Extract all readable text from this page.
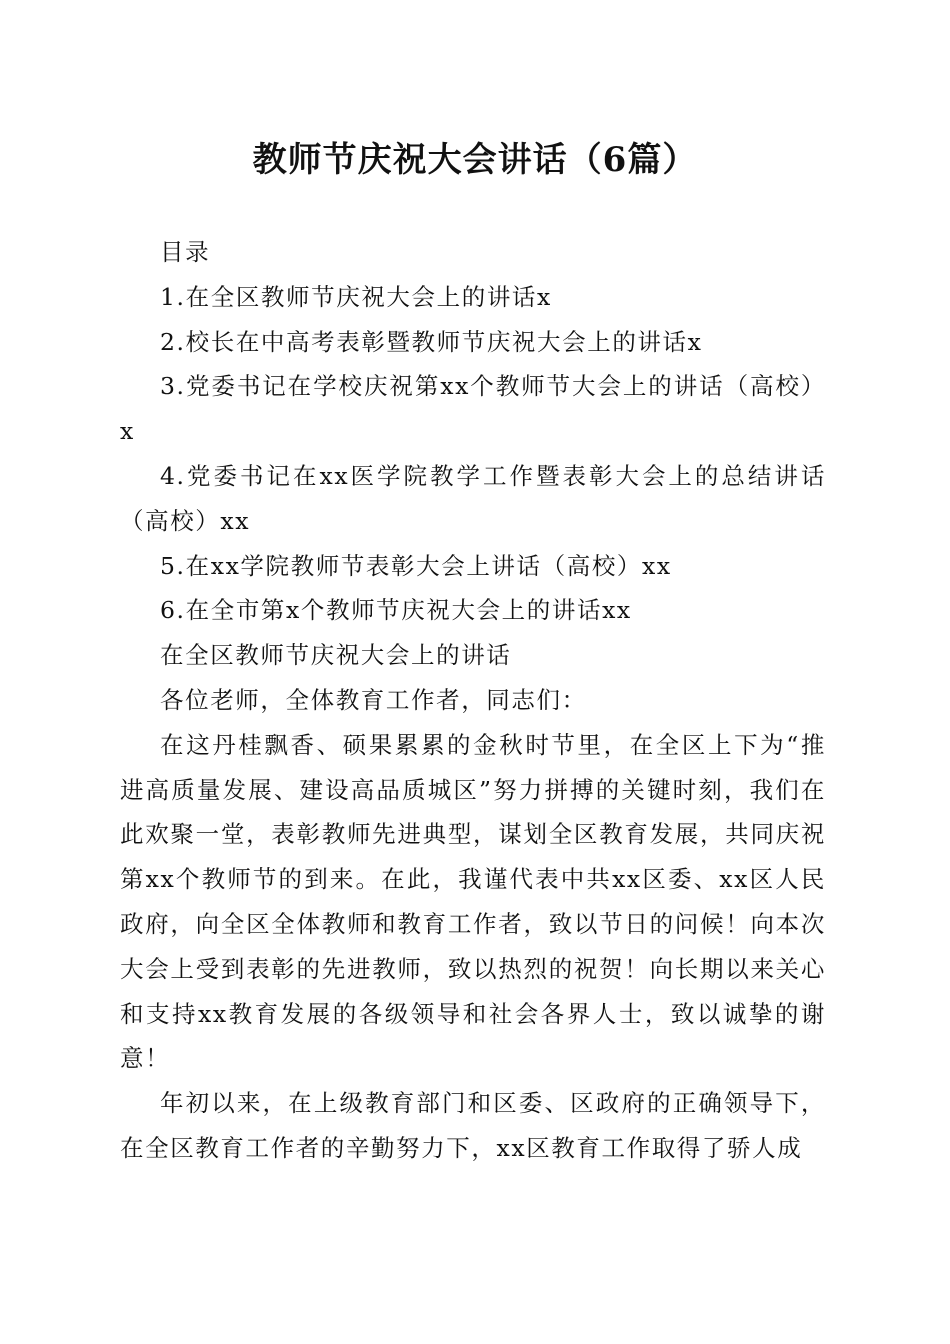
教师节庆祝大会讲话（6篇）

目录

1.在全区教师节庆祝大会上的讲话x

2.校长在中高考表彰暨教师节庆祝大会上的讲话x

3.党委书记在学校庆祝第xx个教师节大会上的讲话（高校）x

4.党委书记在xx医学院教学工作暨表彰大会上的总结讲话（高校）xx

5.在xx学院教师节表彰大会上讲话（高校）xx

6.在全市第x个教师节庆祝大会上的讲话xx

在全区教师节庆祝大会上的讲话

各位老师，全体教育工作者，同志们：

在这丹桂飘香、硕果累累的金秋时节里，在全区上下为“推进高质量发展、建设高品质城区”努力拼搏的关键时刻，我们在此欢聚一堂，表彰教师先进典型，谋划全区教育发展，共同庆祝第xx个教师节的到来。在此，我谨代表中共xx区委、xx区人民政府，向全区全体教师和教育工作者，致以节日的问候！向本次大会上受到表彰的先进教师，致以热烈的祝贺！向长期以来关心和支持xx教育发展的各级领导和社会各界人士，致以诚挚的谢意！

年初以来，在上级教育部门和区委、区政府的正确领导下，在全区教育工作者的辛勤努力下，xx区教育工作取得了骄人成
